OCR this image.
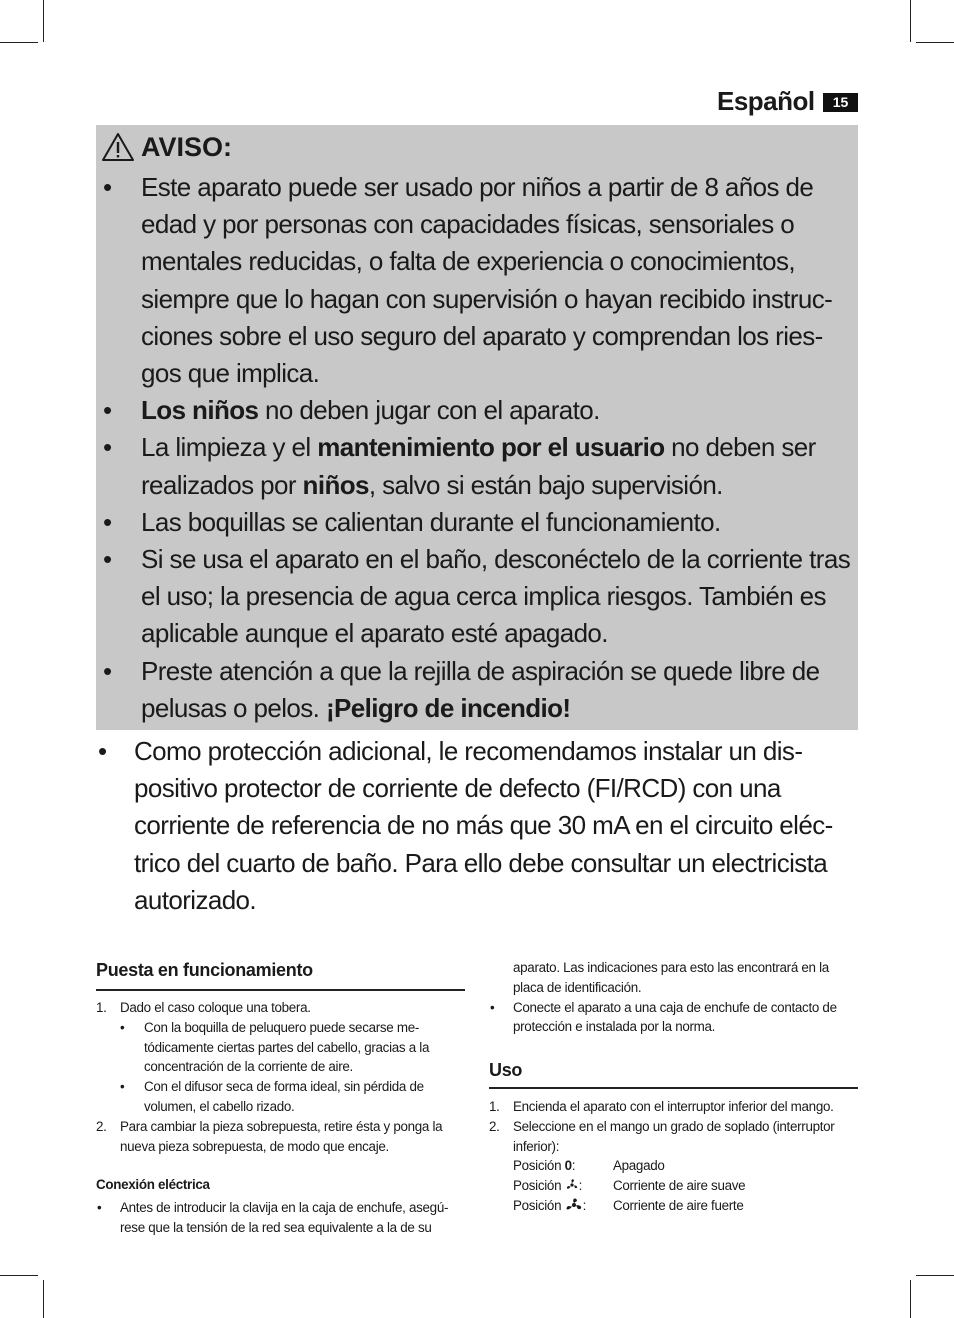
Español	15
AVISO:
• Este aparato puede ser usado por niños a partir de 8 años de edad y por personas con capacidades físicas, sensoriales o mentales reducidas, o falta de experiencia o conocimientos, siempre que lo hagan con supervisión o hayan recibido instruc-ciones sobre el uso seguro del aparato y comprendan los ries-gos que implica.
• Los niños no deben jugar con el aparato.
• La limpieza y el mantenimiento por el usuario no deben ser realizados por niños, salvo si están bajo supervisión.
• Las boquillas se calientan durante el funcionamiento.
• Si se usa el aparato en el baño, desconéctelo de la corriente tras el uso; la presencia de agua cerca implica riesgos. También es aplicable aunque el aparato esté apagado.
• Preste atención a que la rejilla de aspiración se quede libre de pelusas o pelos. ¡Peligro de incendio!
• Como protección adicional, le recomendamos instalar un dis-positivo protector de corriente de defecto (FI/RCD) con una corriente de referencia de no más que 30 mA en el circuito eléc-trico del cuarto de baño. Para ello debe consultar un electricista autorizado.
Puesta en funcionamiento
1. Dado el caso coloque una tobera.
• Con la boquilla de peluquero puede secarse me-tódicamente ciertas partes del cabello, gracias a la concentración de la corriente de aire.
• Con el difusor seca de forma ideal, sin pérdida de volumen, el cabello rizado.
2. Para cambiar la pieza sobrepuesta, retire ésta y ponga la nueva pieza sobrepuesta, de modo que encaje.
Conexión eléctrica
• Antes de introducir la clavija en la caja de enchufe, asegú-rese que la tensión de la red sea equivalente a la de su
aparato. Las indicaciones para esto las encontrará en la placa de identificación.
• Conecte el aparato a una caja de enchufe de contacto de protección e instalada por la norma.
Uso
1. Encienda el aparato con el interruptor inferior del mango.
2. Seleccione en el mango un grado de soplado (interruptor inferior):
Posición 0:	Apagado
Posición :	Corriente de aire suave
Posición :	Corriente de aire fuerte
